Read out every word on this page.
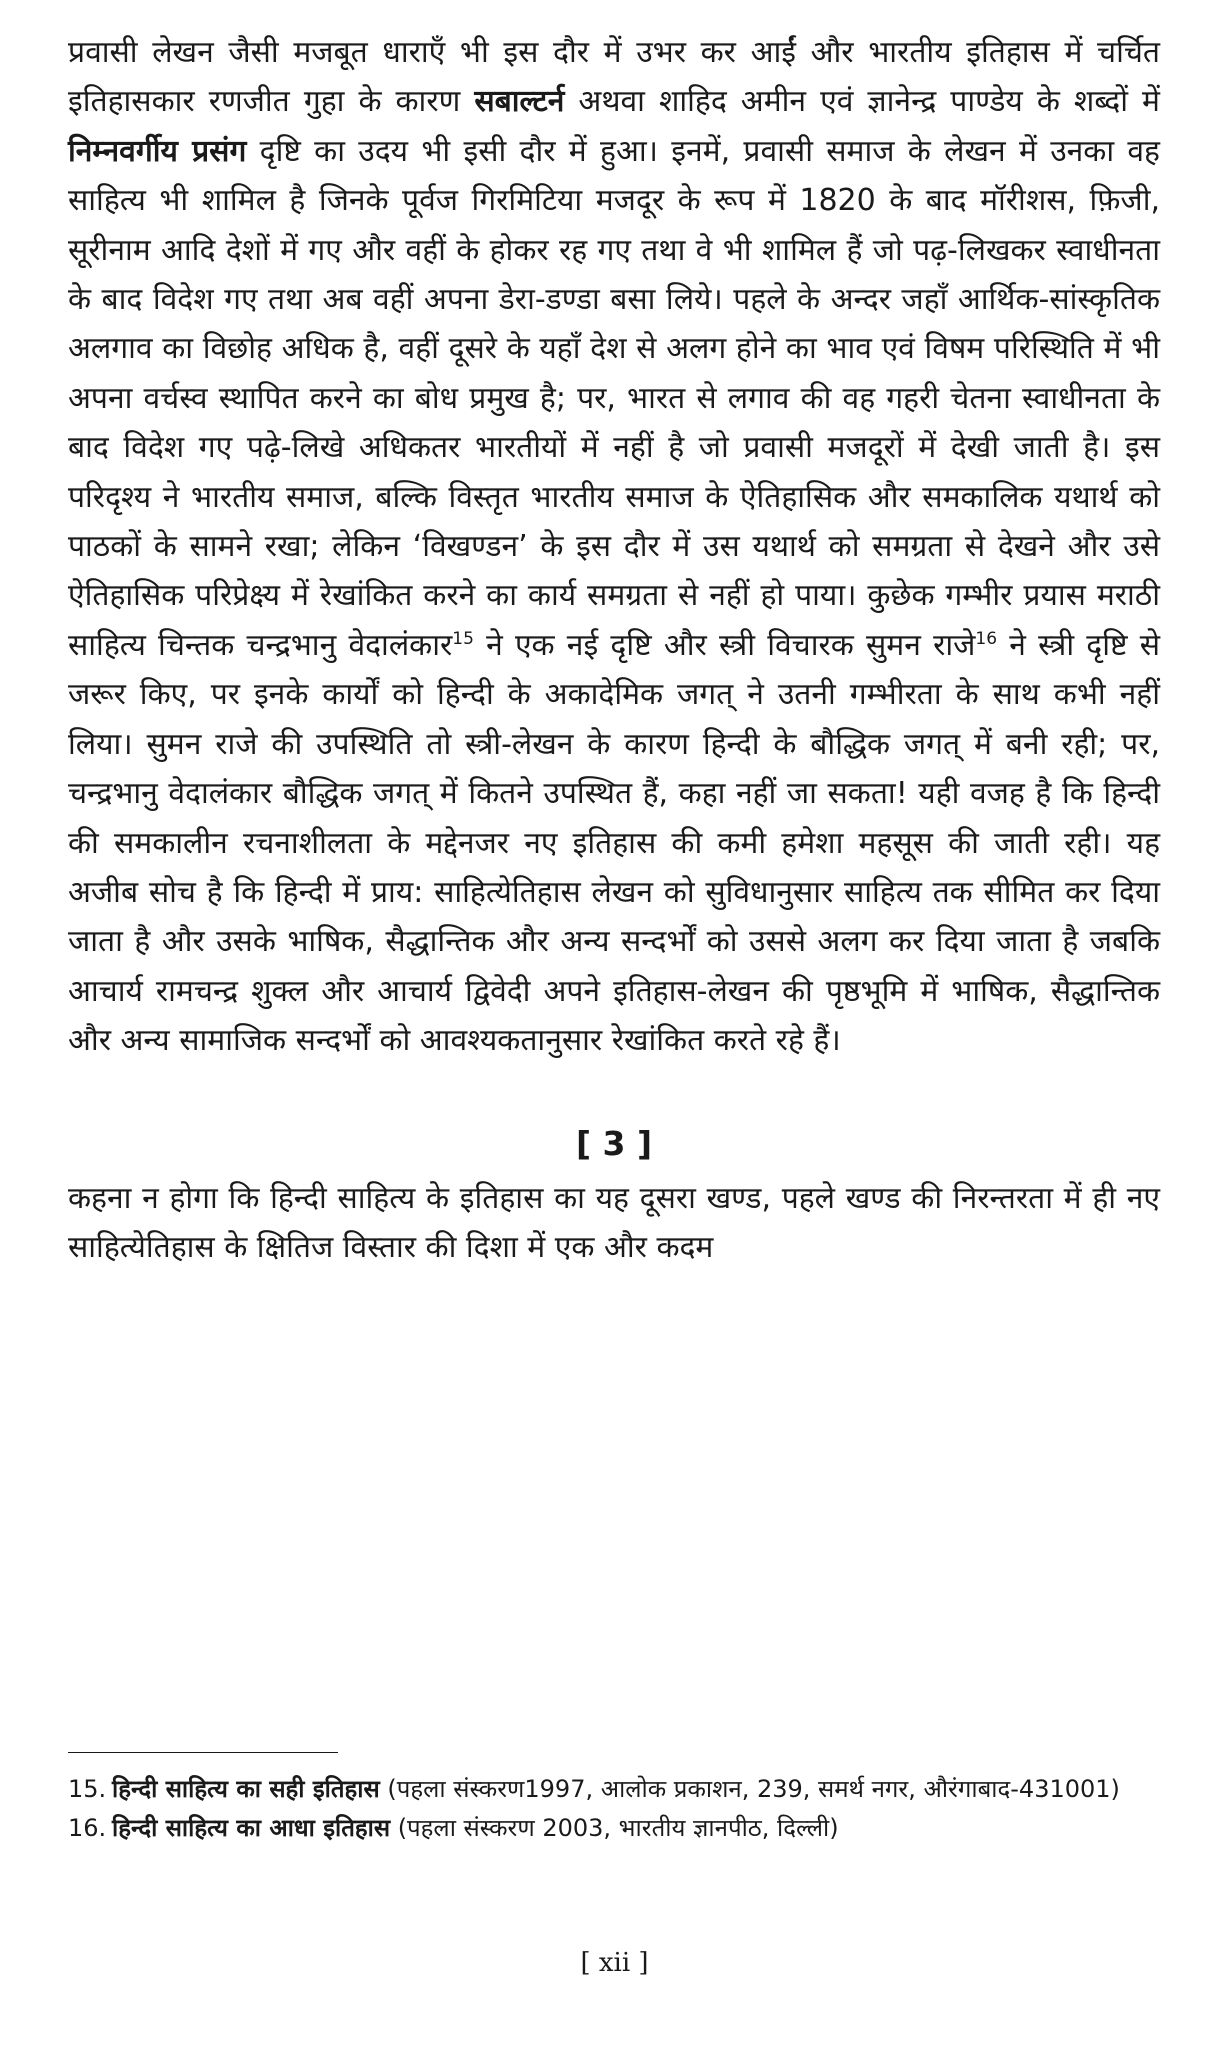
प्रवासी लेखन जैसी मजबूत धाराएँ भी इस दौर में उभर कर आईं और भारतीय इतिहास में चर्चित इतिहासकार रणजीत गुहा के कारण सबाल्टर्न अथवा शाहिद अमीन एवं ज्ञानेन्द्र पाण्डेय के शब्दों में निम्नवर्गीय प्रसंग दृष्टि का उदय भी इसी दौर में हुआ। इनमें, प्रवासी समाज के लेखन में उनका वह साहित्य भी शामिल है जिनके पूर्वज गिरमिटिया मजदूर के रूप में 1820 के बाद मॉरीशस, फ़िजी, सूरीनाम आदि देशों में गए और वहीं के होकर रह गए तथा वे भी शामिल हैं जो पढ़-लिखकर स्वाधीनता के बाद विदेश गए तथा अब वहीं अपना डेरा-डण्डा बसा लिये। पहले के अन्दर जहाँ आर्थिक-सांस्कृतिक अलगाव का विछोह अधिक है, वहीं दूसरे के यहाँ देश से अलग होने का भाव एवं विषम परिस्थिति में भी अपना वर्चस्व स्थापित करने का बोध प्रमुख है; पर, भारत से लगाव की वह गहरी चेतना स्वाधीनता के बाद विदेश गए पढ़े-लिखे अधिकतर भारतीयों में नहीं है जो प्रवासी मजदूरों में देखी जाती है। इस परिदृश्य ने भारतीय समाज, बल्कि विस्तृत भारतीय समाज के ऐतिहासिक और समकालिक यथार्थ को पाठकों के सामने रखा; लेकिन ‘विखण्डन’ के इस दौर में उस यथार्थ को समग्रता से देखने और उसे ऐतिहासिक परिप्रेक्ष्य में रेखांकित करने का कार्य समग्रता से नहीं हो पाया। कुछेक गम्भीर प्रयास मराठी साहित्य चिन्तक चन्द्रभानु वेदालंकार$^{15}$ ने एक नई दृष्टि और स्त्री विचारक सुमन राजे$^{16}$ ने स्त्री दृष्टि से जरूर किए, पर इनके कार्यों को हिन्दी के अकादेमिक जगत् ने उतनी गम्भीरता के साथ कभी नहीं लिया। सुमन राजे की उपस्थिति तो स्त्री-लेखन के कारण हिन्दी के बौद्धिक जगत् में बनी रही; पर, चन्द्रभानु वेदालंकार बौद्धिक जगत् में कितने उपस्थित हैं, कहा नहीं जा सकता! यही वजह है कि हिन्दी की समकालीन रचनाशीलता के मद्देनजर नए इतिहास की कमी हमेशा महसूस की जाती रही। यह अजीब सोच है कि हिन्दी में प्राय: साहित्येतिहास लेखन को सुविधानुसार साहित्य तक सीमित कर दिया जाता है और उसके भाषिक, सैद्धान्तिक और अन्य सन्दर्भों को उससे अलग कर दिया जाता है जबकि आचार्य रामचन्द्र शुक्ल और आचार्य द्विवेदी अपने इतिहास-लेखन की पृष्ठभूमि में भाषिक, सैद्धान्तिक और अन्य सामाजिक सन्दर्भों को आवश्यकतानुसार रेखांकित करते रहे हैं।

[ 3 ]

कहना न होगा कि हिन्दी साहित्य के इतिहास का यह दूसरा खण्ड, पहले खण्ड की निरन्तरता में ही नए साहित्येतिहास के क्षितिज विस्तार की दिशा में एक और कदम

15. हिन्दी साहित्य का सही इतिहास (पहला संस्करण1997, आलोक प्रकाशन, 239, समर्थ नगर, औरंगाबाद-431001)

16. हिन्दी साहित्य का आधा इतिहास (पहला संस्करण 2003, भारतीय ज्ञानपीठ, दिल्ली)

[ xii ]
